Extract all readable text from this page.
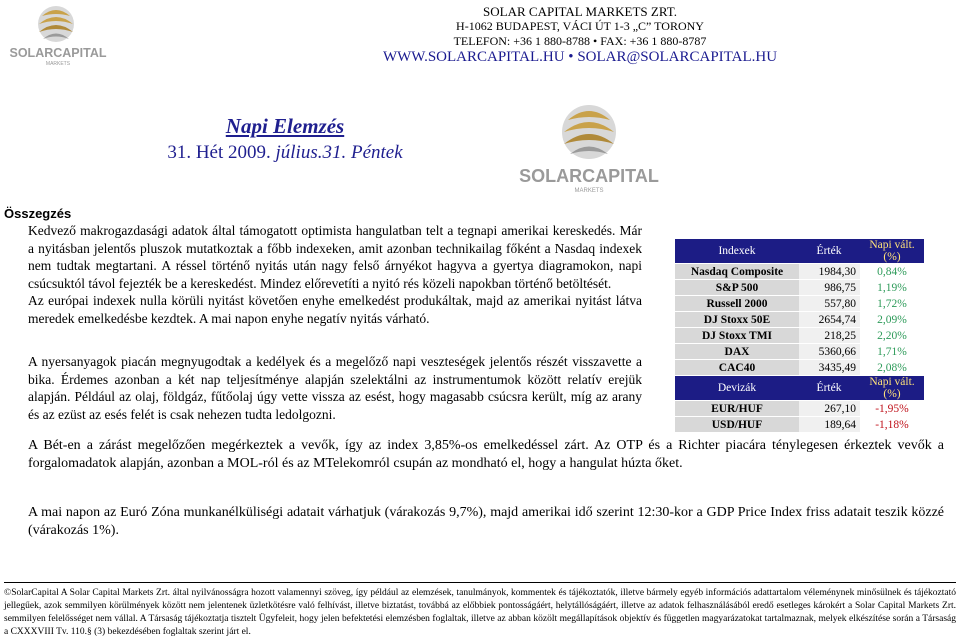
SOLARCAPITAL
MARKETS
SOLAR CAPITAL MARKETS ZRT.
H-1062 BUDAPEST, VÁCI ÚT 1-3 „C” TORONY
TELEFON: +36 1 880-8788 • FAX: +36 1 880-8787
WWW.SOLARCAPITAL.HU • SOLAR@SOLARCAPITAL.HU
Napi Elemzés
31. Hét 2009. július.31. Péntek
SOLARCAPITAL
MARKETS
Összegzés
Kedvező makrogazdasági adatok által támogatott optimista hangulatban telt a tegnapi amerikai kereskedés. Már a nyitásban jelentős pluszok mutatkoztak a főbb indexeken, amit azonban technikailag főként a Nasdaq indexek nem tudtak megtartani. A réssel történő nyitás után nagy felső árnyékot hagyva a gyertya diagramokon, napi csúcsuktól távol fejezték be a kereskedést. Mindez előrevetíti a nyitó rés közeli napokban történő betöltését.
Az európai indexek nulla körüli nyitást követően enyhe emelkedést produkáltak, majd az amerikai nyitást látva meredek emelkedésbe kezdtek. A mai napon enyhe negatív nyitás várható.
A nyersanyagok piacán megnyugodtak a kedélyek és a megelőző napi veszteségek jelentős részét visszavette a bika. Érdemes azonban a két nap teljesítménye alapján szelektálni az instrumentumok között relatív erejük alapján. Például az olaj, földgáz, fűtőolaj úgy vette vissza az esést, hogy magasabb csúcsra került, míg az arany és az ezüst az esés felét is csak nehezen tudta ledolgozni.
A Bét-en a zárást megelőzően megérkeztek a vevők, így az index 3,85%-os emelkedéssel zárt. Az OTP és a Richter piacára ténylegesen érkeztek vevők a forgalomadatok alapján, azonban a MOL-ról és az MTelekomról csupán az mondható el, hogy a hangulat húzta őket.
A mai napon az Euró Zóna munkanélküliségi adatait várhatjuk (várakozás 9,7%), majd amerikai idő szerint 12:30-kor a GDP Price Index friss adatait teszik közzé (várakozás 1%).
Indexek	Érték	Napi vált. (%)
Nasdaq Composite	1984,30	0,84%
S&P 500	986,75	1,19%
Russell 2000	557,80	1,72%
DJ Stoxx 50E	2654,74	2,09%
DJ Stoxx TMI	218,25	2,20%
DAX	5360,66	1,71%
CAC40	3435,49	2,08%
Devizák	Érték	Napi vált. (%)
EUR/HUF	267,10	-1,95%
USD/HUF	189,64	-1,18%
©SolarCapital A Solar Capital Markets Zrt. által nyilvánosságra hozott valamennyi szöveg, így például az elemzések, tanulmányok, kommentek és tájékoztatók, illetve bármely egyéb információs adattartalom véleménynek minősülnek és tájékoztató jellegűek, azok semmilyen körülmények között nem jelentenek üzletkötésre való felhívást, illetve biztatást, továbbá az előbbiek pontosságáért, helytállóságáért, illetve az adatok felhasználásából eredő esetleges károkért a Solar Capital Markets Zrt. semmilyen felelősséget nem vállal. A Társaság tájékoztatja tisztelt Ügyfeleit, hogy jelen befektetési elemzésben foglaltak, illetve az abban közölt megállapítások objektív és független magyarázatokat tartalmaznak, melyek elkészítése során a Társaság a CXXXVIII Tv. 110.§ (3) bekezdésében foglaltak szerint járt el.
